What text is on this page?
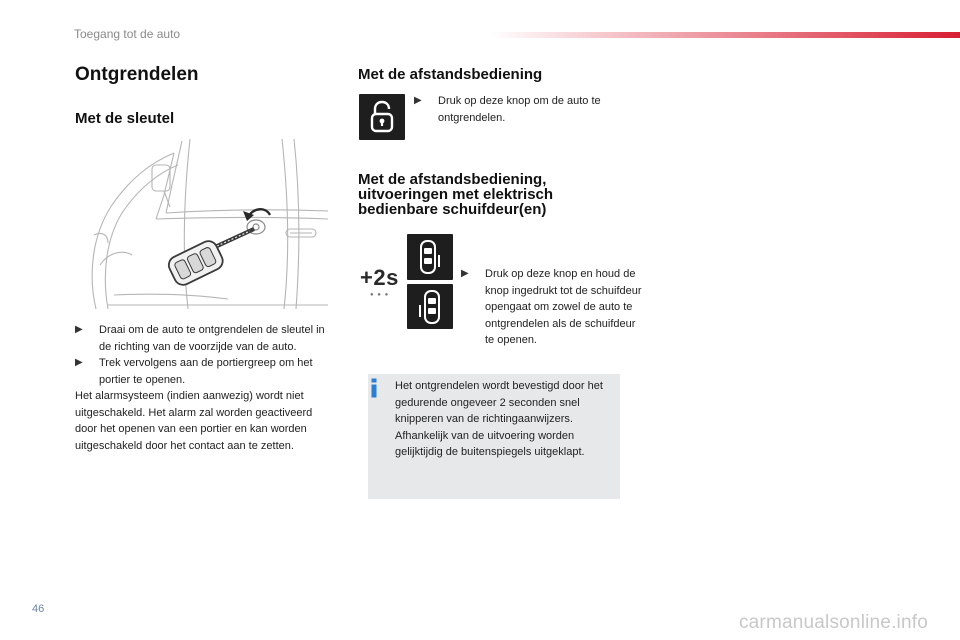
Toegang tot de auto
Ontgrendelen
Met de sleutel
▶ Draai om de auto te ontgrendelen de sleutel in de richting van de voorzijde van de auto.
▶ Trek vervolgens aan de portiergreep om het portier te openen.
Het alarmsysteem (indien aanwezig) wordt niet uitgeschakeld. Het alarm zal worden geactiveerd door het openen van een portier en kan worden uitgeschakeld door het contact aan te zetten.
Met de afstandsbediening
▶ Druk op deze knop om de auto te ontgrendelen.
Met de afstandsbediening,
uitvoeringen met elektrisch
bedienbare schuifdeur(en)
+2s
● ● ●
▶ Druk op deze knop en houd de knop ingedrukt tot de schuifdeur opengaat om zowel de auto te ontgrendelen als de schuifdeur te openen.
Het ontgrendelen wordt bevestigd door het gedurende ongeveer 2 seconden snel knipperen van de richtingaanwijzers. Afhankelijk van de uitvoering worden gelijktijdig de buitenspiegels uitgeklapt.
46
carmanualsonline.info
